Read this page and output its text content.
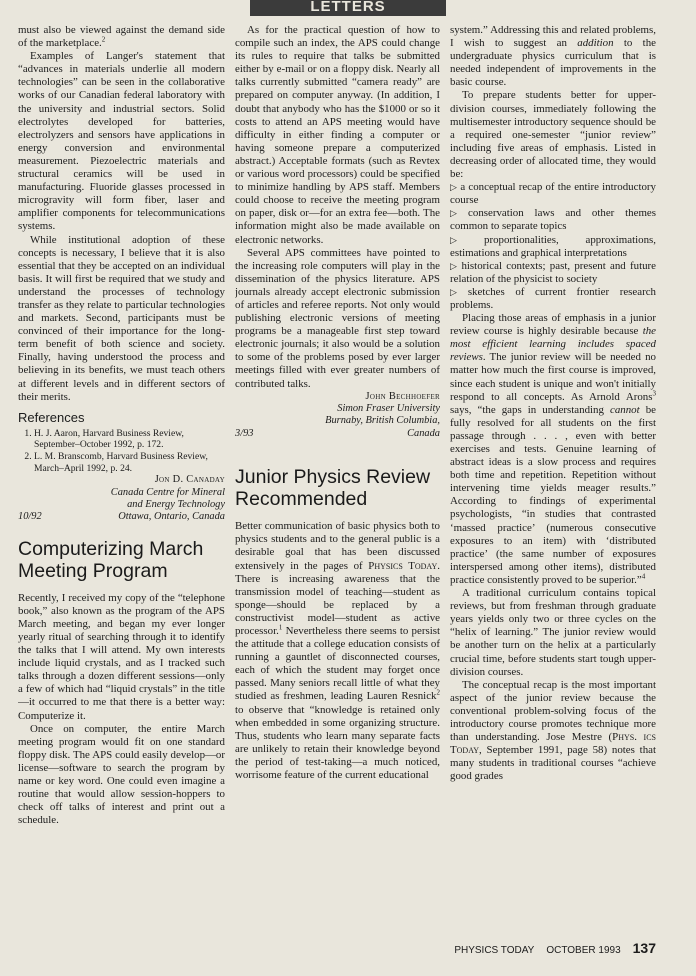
LETTERS

must also be viewed against the demand side of the marketplace.$^2$

Examples of Langer's statement that “advances in materials underlie all modern technologies” can be seen in the collaborative works of our Canadian federal laboratory with the university and industrial sectors. Solid electrolytes developed for batteries, electrolyzers and sensors have applications in energy conversion and environmental measurement. Piezoelectric materials and structural ceramics will be used in manufacturing. Fluoride glasses processed in microgravity will form fiber, laser and amplifier components for telecommunications systems.

While institutional adoption of these concepts is necessary, I believe that it is also essential that they be accepted on an individual basis. It will first be required that we study and understand the processes of technology transfer as they relate to particular technologies and markets. Second, participants must be convinced of their importance for the long-term benefit of both science and society. Finally, having understood the process and believing in its benefits, we must teach others at different levels and in different sectors of their merits.

References
1. H. J. Aaron, Harvard Business Review, September–October 1992, p. 172.
2. L. M. Branscomb, Harvard Business Review, March–April 1992, p. 24.
Jon D. Canaday
Canada Centre for Mineral
and Energy Technology
10/92	Ottawa, Ontario, Canada
Computerizing March Meeting Program

Recently, I received my copy of the “telephone book,” also known as the program of the APS March meeting, and began my ever longer yearly ritual of searching through it to identify the talks that I will attend. My own interests include liquid crystals, and as I tracked such talks through a dozen different sessions—only a few of which had “liquid crystals” in the title—it occurred to me that there is a better way: Computerize it.

Once on computer, the entire March meeting program would fit on one standard floppy disk. The APS could easily develop—or license—software to search the program by name or key word. One could even imagine a routine that would allow session-hoppers to check off talks of interest and print out a schedule.

As for the practical question of how to compile such an index, the APS could change its rules to require that talks be submitted either by e-mail or on a floppy disk. Nearly all talks currently submitted “camera ready” are prepared on computer anyway. (In addition, I doubt that anybody who has the $1000 or so it costs to attend an APS meeting would have difficulty in either finding a computer or having someone prepare a computerized abstract.) Acceptable formats (such as Revtex or various word processors) could be specified to minimize handling by APS staff. Members could choose to receive the meeting program on paper, disk or—for an extra fee—both. The information might also be made available on electronic networks.

Several APS committees have pointed to the increasing role computers will play in the dissemination of the physics literature. APS journals already accept electronic submission of articles and referee reports. Not only would publishing electronic versions of meeting programs be a manageable first step toward electronic journals; it also would be a solution to some of the problems posed by ever larger meetings filled with ever greater numbers of contributed talks.

John Bechhoefer
Simon Fraser University
Burnaby, British Columbia,
3/93	Canada
Junior Physics Review Recommended

Better communication of basic physics both to physics students and to the general public is a desirable goal that has been discussed extensively in the pages of Physics Today. There is increasing awareness that the transmission model of teaching—student as sponge—should be replaced by a constructivist model—student as active processor.$^1$ Nevertheless there seems to persist the attitude that a college education consists of running a gauntlet of disconnected courses, each of which the student may forget once passed. Many seniors recall little of what they studied as freshmen, leading Lauren Resnick$^2$ to observe that “knowledge is retained only when embedded in some organizing structure. Thus, students who learn many separate facts are unlikely to retain their knowledge beyond the period of test-taking—a much noticed, worrisome feature of the current educational

system.” Addressing this and related problems, I wish to suggest an addition to the undergraduate physics curriculum that is needed independent of improvements in the basic course.

To prepare students better for upper-division courses, immediately following the multisemester introductory sequence should be a required one-semester “junior review” including five areas of emphasis. Listed in decreasing order of allocated time, they would be:

▷ a conceptual recap of the entire introductory course

▷ conservation laws and other themes common to separate topics

▷ proportionalities, approximations, estimations and graphical interpretations

▷ historical contexts; past, present and future relation of the physicist to society

▷ sketches of current frontier research problems.

Placing those areas of emphasis in a junior review course is highly desirable because the most efficient learning includes spaced reviews. The junior review will be needed no matter how much the first course is improved, since each student is unique and won't initially respond to all concepts. As Arnold Arons$^3$ says, “the gaps in understanding cannot be fully resolved for all students on the first passage through . . . , even with better exercises and tests. Genuine learning of abstract ideas is a slow process and requires both time and repetition. Repetition without intervening time yields meager results.” According to findings of experimental psychologists, “in studies that contrasted ‘massed practice’ (numerous consecutive exposures to an item) with ‘distributed practice’ (the same number of exposures interspersed among other items), distributed practice consistently proved to be superior.”$^4$

A traditional curriculum contains topical reviews, but from freshman through graduate years yields only two or three cycles on the “helix of learning.” The junior review would be another turn on the helix at a particularly crucial time, before students start tough upper-division courses.

The conceptual recap is the most important aspect of the junior review because the conventional problem-solving focus of the introductory course promotes technique more than understanding. Jose Mestre (Phys. ics Today, September 1991, page 58) notes that many students in traditional courses “achieve good grades

PHYSICS TODAY OCTOBER 1993 137
